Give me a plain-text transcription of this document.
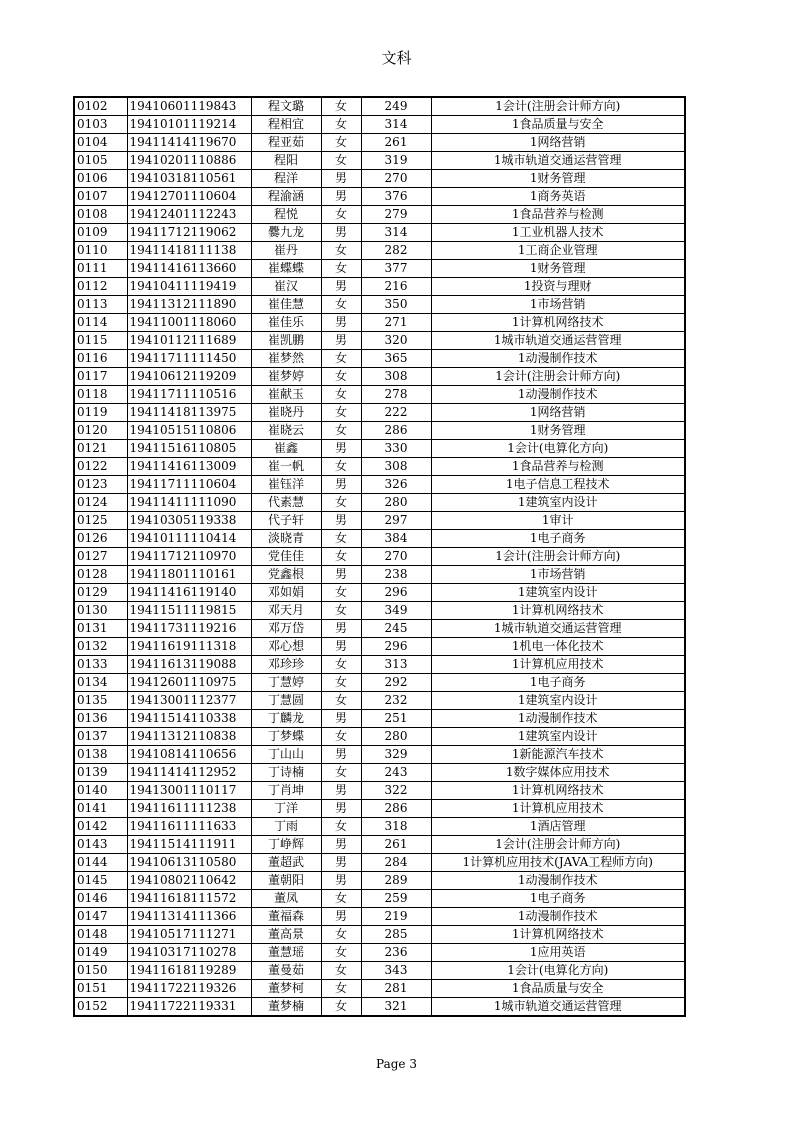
文科
0102	19410601119843	程文璐	女	249	1会计(注册会计师方向)
0103	19410101119214	程相宜	女	314	1食品质量与安全
0104	19411414119670	程亚茹	女	261	1网络营销
0105	19410201110886	程阳	女	319	1城市轨道交通运营管理
0106	19410318110561	程洋	男	270	1财务管理
0107	19412701110604	程渝涵	男	376	1商务英语
0108	19412401112243	程悦	女	279	1食品营养与检测
0109	19411712119062	爨九龙	男	314	1工业机器人技术
0110	19411418111138	崔丹	女	282	1工商企业管理
0111	19411416113660	崔蝶蝶	女	377	1财务管理
0112	19410411119419	崔汉	男	216	1投资与理财
0113	19411312111890	崔佳慧	女	350	1市场营销
0114	19411001118060	崔佳乐	男	271	1计算机网络技术
0115	19410112111689	崔凯鹏	男	320	1城市轨道交通运营管理
0116	19411711111450	崔梦然	女	365	1动漫制作技术
0117	19410612119209	崔梦婷	女	308	1会计(注册会计师方向)
0118	19411711110516	崔献玉	女	278	1动漫制作技术
0119	19411418113975	崔晓丹	女	222	1网络营销
0120	19410515110806	崔晓云	女	286	1财务管理
0121	19411516110805	崔鑫	男	330	1会计(电算化方向)
0122	19411416113009	崔一帆	女	308	1食品营养与检测
0123	19411711110604	崔钰洋	男	326	1电子信息工程技术
0124	19411411111090	代素慧	女	280	1建筑室内设计
0125	19410305119338	代子轩	男	297	1审计
0126	19410111110414	淡晓青	女	384	1电子商务
0127	19411712110970	党佳佳	女	270	1会计(注册会计师方向)
0128	19411801110161	党鑫根	男	238	1市场营销
0129	19411416119140	邓如娟	女	296	1建筑室内设计
0130	19411511119815	邓天月	女	349	1计算机网络技术
0131	19411731119216	邓万岱	男	245	1城市轨道交通运营管理
0132	19411619111318	邓心想	男	296	1机电一体化技术
0133	19411613119088	邓珍珍	女	313	1计算机应用技术
0134	19412601110975	丁慧婷	女	292	1电子商务
0135	19413001112377	丁慧圆	女	232	1建筑室内设计
0136	19411514110338	丁麟龙	男	251	1动漫制作技术
0137	19411312110838	丁梦蝶	女	280	1建筑室内设计
0138	19410814110656	丁山山	男	329	1新能源汽车技术
0139	19411414112952	丁诗楠	女	243	1数字媒体应用技术
0140	19413001110117	丁肖坤	男	322	1计算机网络技术
0141	19411611111238	丁洋	男	286	1计算机应用技术
0142	19411611111633	丁雨	女	318	1酒店管理
0143	19411514111911	丁峥辉	男	261	1会计(注册会计师方向)
0144	19410613110580	董超武	男	284	1计算机应用技术(JAVA工程师方向)
0145	19410802110642	董朝阳	男	289	1动漫制作技术
0146	19411618111572	董凤	女	259	1电子商务
0147	19411314111366	董福森	男	219	1动漫制作技术
0148	19410517111271	董高景	女	285	1计算机网络技术
0149	19410317110278	董慧瑶	女	236	1应用英语
0150	19411618119289	董曼茹	女	343	1会计(电算化方向)
0151	19411722119326	董梦柯	女	281	1食品质量与安全
0152	19411722119331	董梦楠	女	321	1城市轨道交通运营管理
Page 3
